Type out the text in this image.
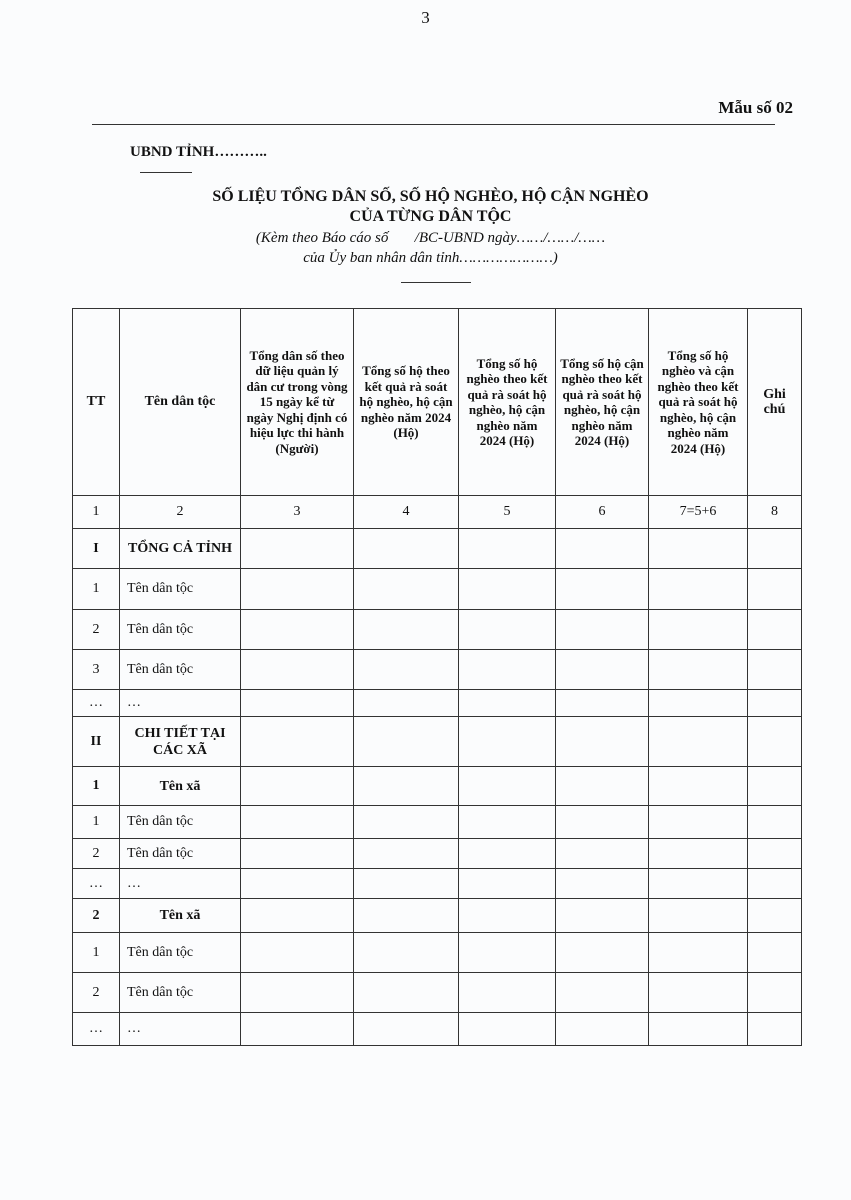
3
Mẫu số 02
UBND TỈNH………..
SỐ LIỆU TỔNG DÂN SỐ, SỐ HỘ NGHÈO, HỘ CẬN NGHÈO
CỦA TỪNG DÂN TỘC
(Kèm theo Báo cáo số       /BC-UBND ngày……/……/……
của Ủy ban nhân dân tỉnh…………………)
TT	Tên dân tộc	Tổng dân số theo dữ liệu quản lý dân cư trong vòng 15 ngày kể từ ngày Nghị định có hiệu lực thi hành (Người)	Tổng số hộ theo kết quả rà soát hộ nghèo, hộ cận nghèo năm 2024 (Hộ)	Tổng số hộ nghèo theo kết quả rà soát hộ nghèo, hộ cận nghèo năm 2024 (Hộ)	Tổng số hộ cận nghèo theo kết quả rà soát hộ nghèo, hộ cận nghèo năm 2024 (Hộ)	Tổng số hộ nghèo và cận nghèo theo kết quả rà soát hộ nghèo, hộ cận nghèo năm 2024 (Hộ)	Ghi chú
1	2	3	4	5	6	7=5+6	8
I	TỔNG CẢ TỈNH						
1	Tên dân tộc						
2	Tên dân tộc						
3	Tên dân tộc						
…	…						
II	CHI TIẾT TẠI CÁC XÃ						
1	Tên xã						
1	Tên dân tộc						
2	Tên dân tộc						
…	…						
2	Tên xã						
1	Tên dân tộc						
2	Tên dân tộc						
…	…						
